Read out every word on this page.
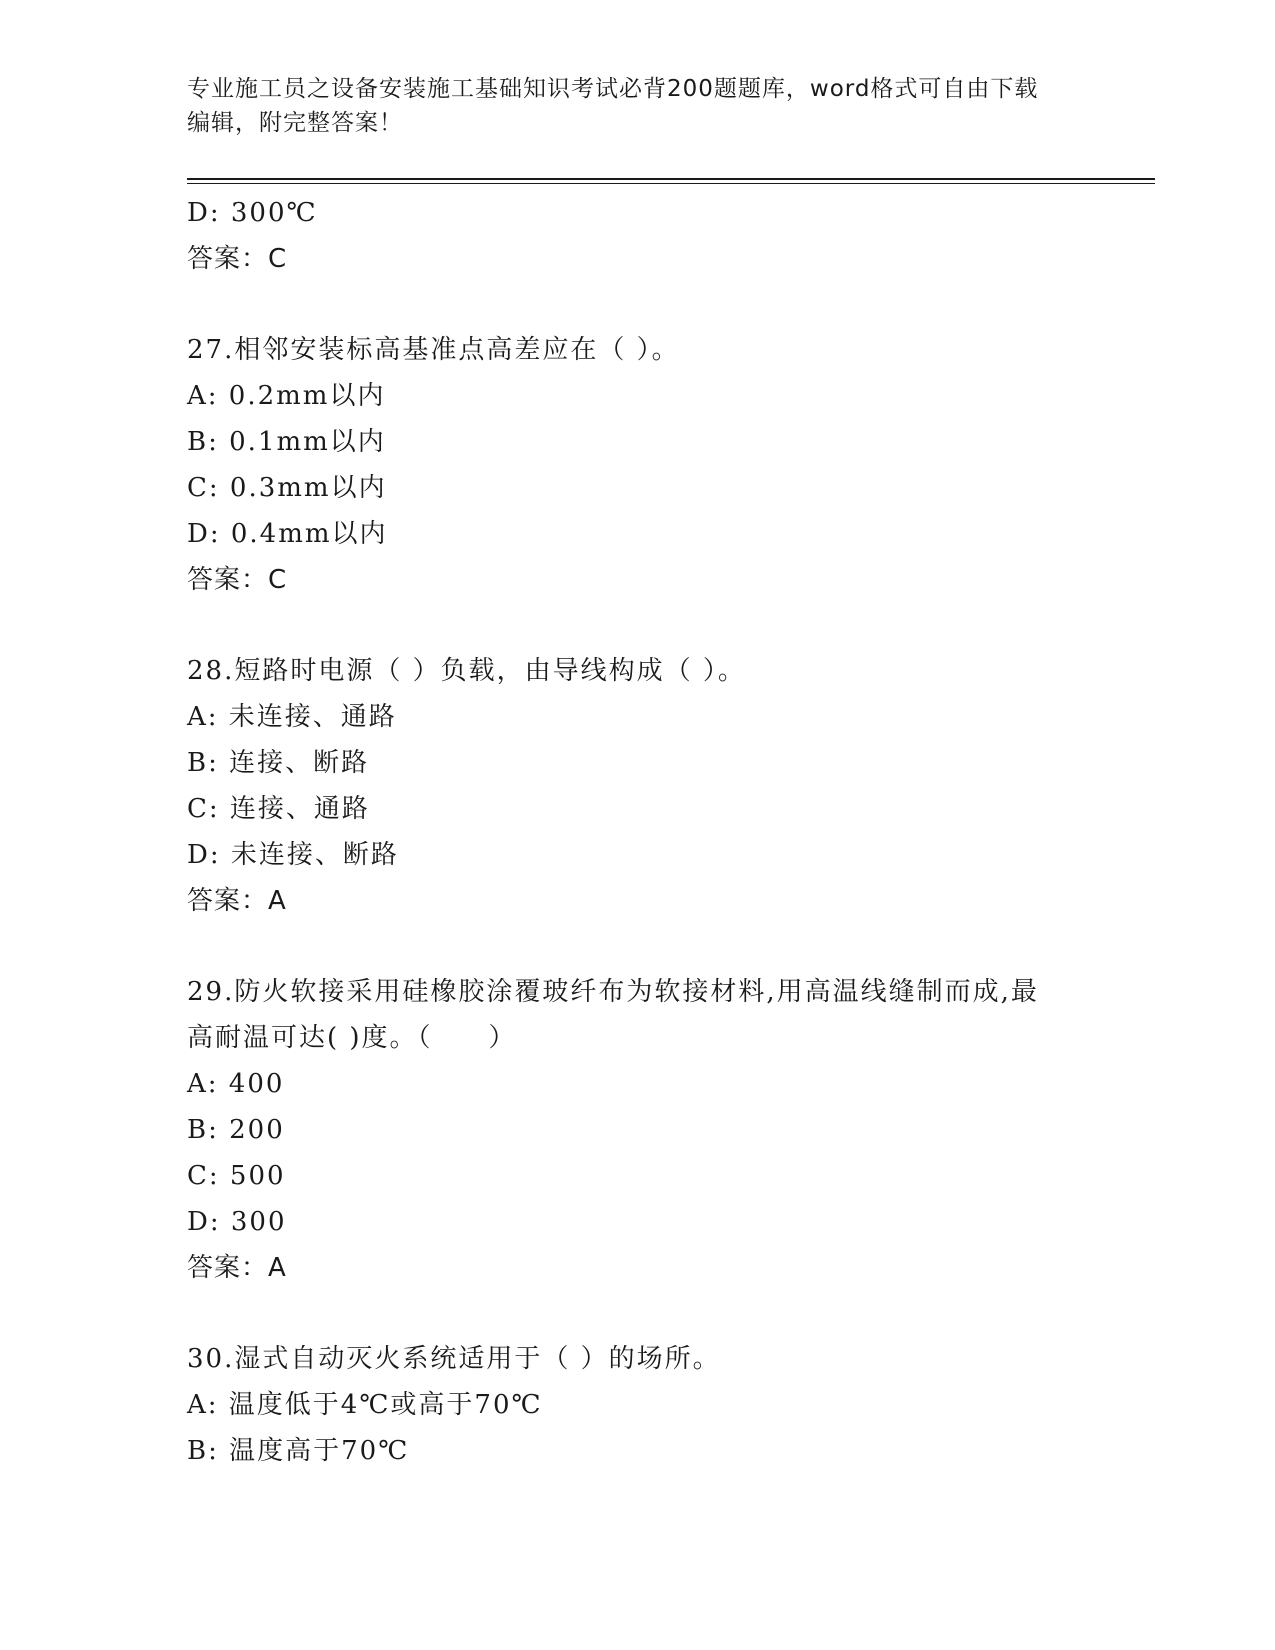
专业施工员之设备安装施工基础知识考试必背200题题库，word格式可自由下载
编辑，附完整答案！
D: 300℃
答案：C
27.相邻安装标高基准点高差应在（ ）。
A: 0.2mm以内
B: 0.1mm以内
C: 0.3mm以内
D: 0.4mm以内
答案：C
28.短路时电源（ ）负载，由导线构成（ ）。
A: 未连接、通路
B: 连接、断路
C: 连接、通路
D: 未连接、断路
答案：A
29.防火软接采用硅橡胶涂覆玻纤布为软接材料,用高温线缝制而成,最
高耐温可达( )度。（　　）
A: 400
B: 200
C: 500
D: 300
答案：A
30.湿式自动灭火系统适用于（ ）的场所。
A: 温度低于4℃或高于70℃
B: 温度高于70℃
